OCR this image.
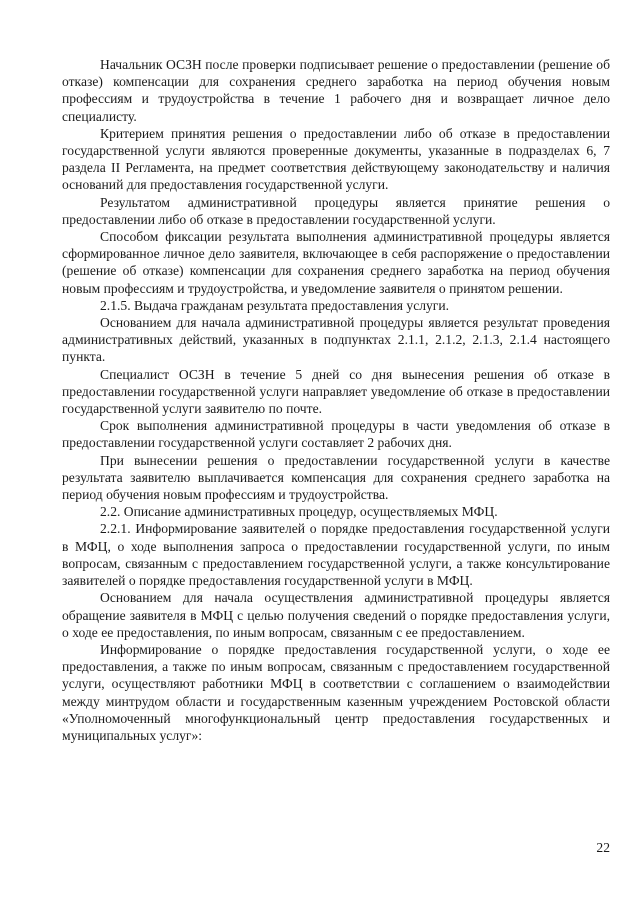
Начальник ОСЗН после проверки подписывает решение о предоставлении (решение об отказе) компенсации для сохранения среднего заработка на период обучения новым профессиям и трудоустройства в течение 1 рабочего дня и возвращает личное дело специалисту.

Критерием принятия решения о предоставлении либо об отказе в предоставлении государственной услуги являются проверенные документы, указанные в подразделах 6, 7 раздела II Регламента, на предмет соответствия действующему законодательству и наличия оснований для предоставления государственной услуги.

Результатом административной процедуры является принятие решения о предоставлении либо об отказе в предоставлении государственной услуги.

Способом фиксации результата выполнения административной процедуры является сформированное личное дело заявителя, включающее в себя распоряжение о предоставлении (решение об отказе) компенсации для сохранения среднего заработка на период обучения новым профессиям и трудоустройства, и уведомление заявителя о принятом решении.

2.1.5. Выдача гражданам результата предоставления услуги.

Основанием для начала административной процедуры является результат проведения административных действий, указанных в подпунктах 2.1.1, 2.1.2, 2.1.3, 2.1.4 настоящего пункта.

Специалист ОСЗН в течение 5 дней со дня вынесения решения об отказе в предоставлении государственной услуги направляет уведомление об отказе в предоставлении государственной услуги заявителю по почте.

Срок выполнения административной процедуры в части уведомления об отказе в предоставлении государственной услуги составляет 2 рабочих дня.

При вынесении решения о предоставлении государственной услуги в качестве результата заявителю выплачивается компенсация для сохранения среднего заработка на период обучения новым профессиям и трудоустройства.

2.2. Описание административных процедур, осуществляемых МФЦ.

2.2.1. Информирование заявителей о порядке предоставления государственной услуги в МФЦ, о ходе выполнения запроса о предоставлении государственной услуги, по иным вопросам, связанным с предоставлением государственной услуги, а также консультирование заявителей о порядке предоставления государственной услуги в МФЦ.

Основанием для начала осуществления административной процедуры является обращение заявителя в МФЦ с целью получения сведений о порядке предоставления услуги, о ходе ее предоставления, по иным вопросам, связанным с ее предоставлением.

Информирование о порядке предоставления государственной услуги, о ходе ее предоставления, а также по иным вопросам, связанным с предоставлением государственной услуги, осуществляют работники МФЦ в соответствии с соглашением о взаимодействии между минтрудом области и государственным казенным учреждением Ростовской области «Уполномоченный многофункциональный центр предоставления государственных и муниципальных услуг»:

22
